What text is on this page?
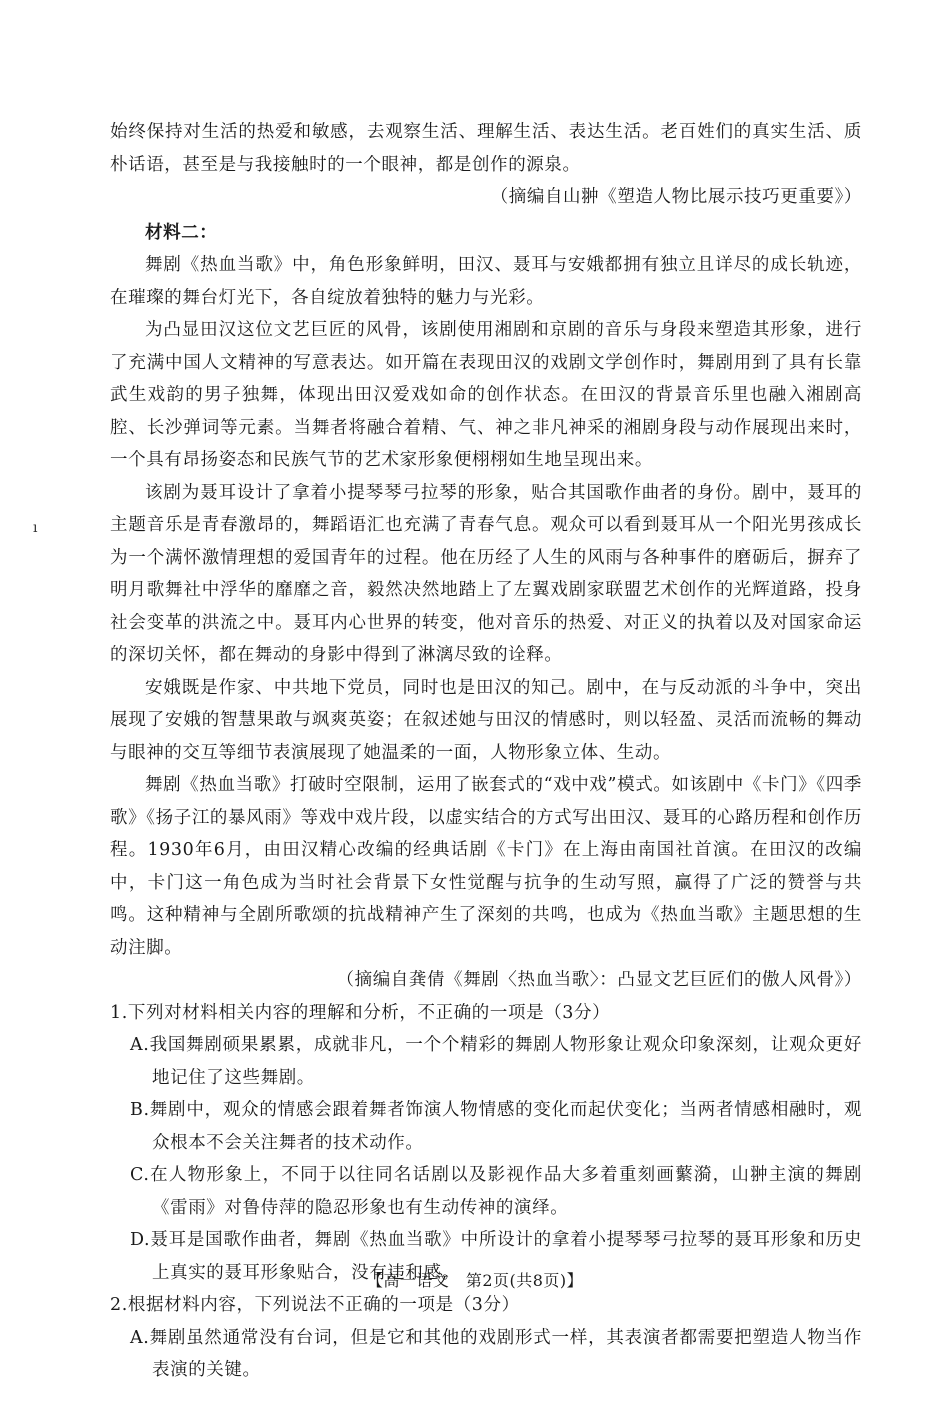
ı

始终保持对生活的热爱和敏感，去观察生活、理解生活、表达生活。老百姓们的真实生活、质朴话语，甚至是与我接触时的一个眼神，都是创作的源泉。

（摘编自山翀《塑造人物比展示技巧更重要》）

材料二：

舞剧《热血当歌》中，角色形象鲜明，田汉、聂耳与安娥都拥有独立且详尽的成长轨迹，在璀璨的舞台灯光下，各自绽放着独特的魅力与光彩。

为凸显田汉这位文艺巨匠的风骨，该剧使用湘剧和京剧的音乐与身段来塑造其形象，进行了充满中国人文精神的写意表达。如开篇在表现田汉的戏剧文学创作时，舞剧用到了具有长靠武生戏韵的男子独舞，体现出田汉爱戏如命的创作状态。在田汉的背景音乐里也融入湘剧高腔、长沙弹词等元素。当舞者将融合着精、气、神之非凡神采的湘剧身段与动作展现出来时，一个具有昂扬姿态和民族气节的艺术家形象便栩栩如生地呈现出来。

该剧为聂耳设计了拿着小提琴琴弓拉琴的形象，贴合其国歌作曲者的身份。剧中，聂耳的主题音乐是青春激昂的，舞蹈语汇也充满了青春气息。观众可以看到聂耳从一个阳光男孩成长为一个满怀激情理想的爱国青年的过程。他在历经了人生的风雨与各种事件的磨砺后，摒弃了明月歌舞社中浮华的靡靡之音，毅然决然地踏上了左翼戏剧家联盟艺术创作的光辉道路，投身社会变革的洪流之中。聂耳内心世界的转变，他对音乐的热爱、对正义的执着以及对国家命运的深切关怀，都在舞动的身影中得到了淋漓尽致的诠释。

安娥既是作家、中共地下党员，同时也是田汉的知己。剧中，在与反动派的斗争中，突出展现了安娥的智慧果敢与飒爽英姿；在叙述她与田汉的情感时，则以轻盈、灵活而流畅的舞动与眼神的交互等细节表演展现了她温柔的一面，人物形象立体、生动。

舞剧《热血当歌》打破时空限制，运用了嵌套式的“戏中戏”模式。如该剧中《卡门》《四季歌》《扬子江的暴风雨》等戏中戏片段，以虚实结合的方式写出田汉、聂耳的心路历程和创作历程。1930年6月，由田汉精心改编的经典话剧《卡门》在上海由南国社首演。在田汉的改编中，卡门这一角色成为当时社会背景下女性觉醒与抗争的生动写照，赢得了广泛的赞誉与共鸣。这种精神与全剧所歌颂的抗战精神产生了深刻的共鸣，也成为《热血当歌》主题思想的生动注脚。

（摘编自龚倩《舞剧〈热血当歌〉：凸显文艺巨匠们的傲人风骨》）

1.下列对材料相关内容的理解和分析，不正确的一项是（3分）

A.我国舞剧硕果累累，成就非凡，一个个精彩的舞剧人物形象让观众印象深刻，让观众更好地记住了这些舞剧。

B.舞剧中，观众的情感会跟着舞者饰演人物情感的变化而起伏变化；当两者情感相融时，观众根本不会关注舞者的技术动作。

C.在人物形象上，不同于以往同名话剧以及影视作品大多着重刻画蘩漪，山翀主演的舞剧《雷雨》对鲁侍萍的隐忍形象也有生动传神的演绎。

D.聂耳是国歌作曲者，舞剧《热血当歌》中所设计的拿着小提琴琴弓拉琴的聂耳形象和历史上真实的聂耳形象贴合，没有违和感。

2.根据材料内容，下列说法不正确的一项是（3分）

A.舞剧虽然通常没有台词，但是它和其他的戏剧形式一样，其表演者都需要把塑造人物当作表演的关键。

【高一语文　第2页(共8页)】
